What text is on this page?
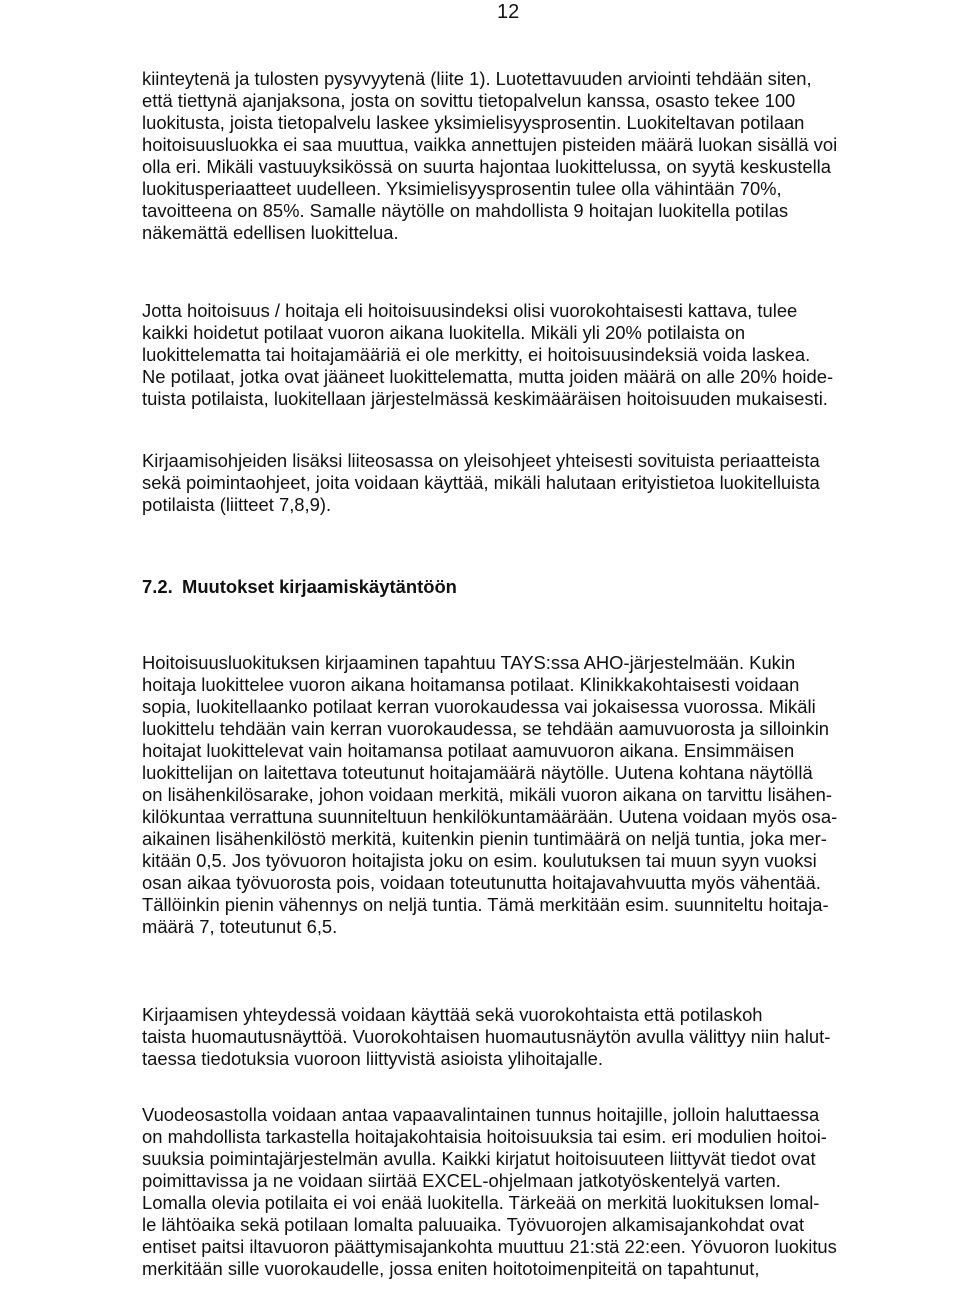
12
kiinteytenä ja tulosten pysyvyytenä (liite 1). Luotettavuuden arviointi tehdään siten,
että tiettynä ajanjaksona, josta on sovittu tietopalvelun kanssa, osasto tekee 100
luokitusta, joista tietopalvelu laskee yksimielisyysprosentin. Luokiteltavan potilaan
hoitoisuusluokka ei saa muuttua, vaikka annettujen pisteiden määrä luokan sisällä voi
olla eri. Mikäli vastuuyksikössä on suurta hajontaa luokittelussa, on syytä keskustella
luokitusperiaatteet uudelleen. Yksimielisyysprosentin tulee olla vähintään 70%,
tavoitteena on 85%. Samalle näytölle on mahdollista 9 hoitajan luokitella potilas
näkemättä edellisen luokittelua.
Jotta hoitoisuus / hoitaja eli hoitoisuusindeksi olisi vuorokohtaisesti kattava, tulee
kaikki hoidetut potilaat vuoron aikana luokitella. Mikäli yli 20% potilaista on
luokittelematta tai hoitajamääriä ei ole merkitty, ei hoitoisuusindeksiä voida laskea.
Ne potilaat, jotka ovat jääneet luokittelematta, mutta joiden määrä on alle 20% hoide-
tuista potilaista, luokitellaan järjestelmässä keskimääräisen hoitoisuuden mukaisesti.
Kirjaamisohjeiden lisäksi liiteosassa on yleisohjeet yhteisesti sovituista periaatteista
sekä poimintaohjeet, joita voidaan käyttää, mikäli halutaan erityistietoa luokitelluista
potilaista (liitteet 7,8,9).
7.2. Muutokset kirjaamiskäytäntöön
Hoitoisuusluokituksen kirjaaminen tapahtuu TAYS:ssa AHO-järjestelmään. Kukin
hoitaja luokittelee vuoron aikana hoitamansa potilaat. Klinikkakohtaisesti voidaan
sopia, luokitellaanko potilaat kerran vuorokaudessa vai jokaisessa vuorossa. Mikäli
luokittelu tehdään vain kerran vuorokaudessa, se tehdään aamuvuorosta ja silloinkin
hoitajat luokittelevat vain hoitamansa potilaat aamuvuoron aikana. Ensimmäisen
luokittelijan on laitettava toteutunut hoitajamäärä näytölle. Uutena kohtana näytöllä
on lisähenkilösarake, johon voidaan merkitä, mikäli vuoron aikana on tarvittu lisähen-
kilökuntaa verrattuna suunniteltuun henkilökuntamäärään. Uutena voidaan myös osa-
aikainen lisähenkilöstö merkitä, kuitenkin pienin tuntimäärä on neljä tuntia, joka mer-
kitään 0,5. Jos työvuoron hoitajista joku on esim. koulutuksen tai muun syyn vuoksi
osan aikaa työvuorosta pois, voidaan toteutunutta hoitajavahvuutta myös vähentää.
Tällöinkin pienin vähennys on neljä tuntia. Tämä merkitään esim. suunniteltu hoitaja-
määrä 7, toteutunut 6,5.
Kirjaamisen yhteydessä voidaan käyttää sekä vuorokohtaista että potilaskoh
taista huomautusnäyttöä. Vuorokohtaisen huomautusnäytön avulla välittyy niin halut-
taessa tiedotuksia vuoroon liittyvistä asioista ylihoitajalle.
Vuodeosastolla voidaan antaa vapaavalintainen tunnus hoitajille, jolloin haluttaessa
on mahdollista tarkastella hoitajakohtaisia hoitoisuuksia tai esim. eri modulien hoitoi-
suuksia poimintajärjestelmän avulla. Kaikki kirjatut hoitoisuuteen liittyvät tiedot ovat
poimittavissa ja ne voidaan siirtää EXCEL-ohjelmaan jatkotyöskentelyä varten.
Lomalla olevia potilaita ei voi enää luokitella. Tärkeää on merkitä luokituksen lomal-
le lähtöaika sekä potilaan lomalta paluuaika. Työvuorojen alkamisajankohdat ovat
entiset paitsi iltavuoron päättymisajankohta muuttuu 21:stä 22:een. Yövuoron luokitus
merkitään sille vuorokaudelle, jossa eniten hoitotoimenpiteitä on tapahtunut,
